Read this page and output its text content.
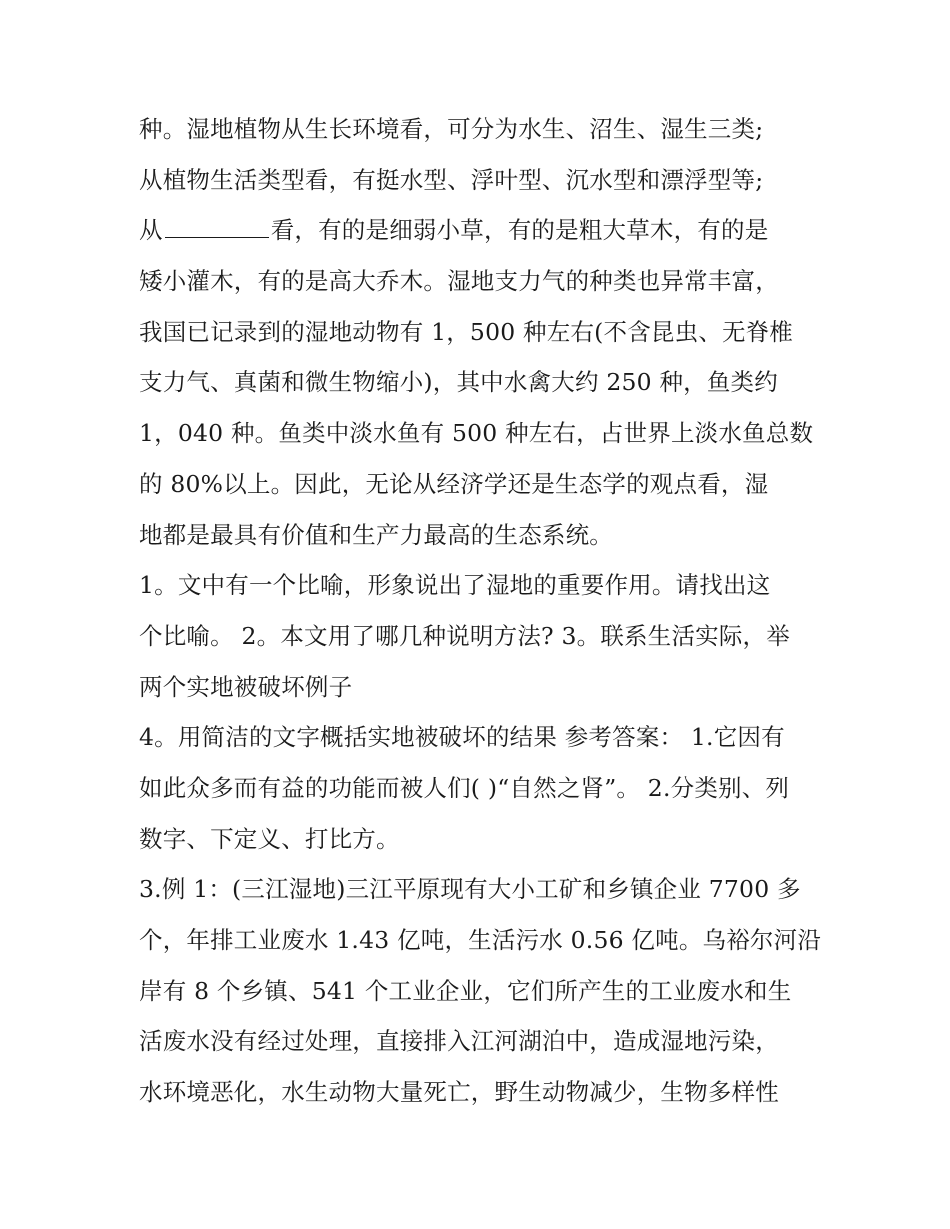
种。湿地植物从生长环境看，可分为水生、沼生、湿生三类;
从植物生活类型看，有挺水型、浮叶型、沉水型和漂浮型等;
从	看，有的是细弱小草，有的是粗大草木，有的是
矮小灌木，有的是高大乔木。湿地支力气的种类也异常丰富，
我国已记录到的湿地动物有 1，500 种左右(不含昆虫、无脊椎
支力气、真菌和微生物缩小)，其中水禽大约 250 种，鱼类约
1，040 种。鱼类中淡水鱼有 500 种左右，占世界上淡水鱼总数
的 80%以上。因此，无论从经济学还是生态学的观点看，湿
地都是最具有价值和生产力最高的生态系统。
1。文中有一个比喻，形象说出了湿地的重要作用。请找出这
个比喻。 2。本文用了哪几种说明方法? 3。联系生活实际，举
两个实地被破坏例子
4。用简洁的文字概括实地被破坏的结果 参考答案： 1.它因有
如此众多而有益的功能而被人们( )“自然之肾”。 2.分类别、列
数字、下定义、打比方。
3.例 1：(三江湿地)三江平原现有大小工矿和乡镇企业 7700 多
个，年排工业废水 1.43 亿吨，生活污水 0.56 亿吨。乌裕尔河沿
岸有 8 个乡镇、541 个工业企业，它们所产生的工业废水和生
活废水没有经过处理，直接排入江河湖泊中，造成湿地污染，
水环境恶化，水生动物大量死亡，野生动物减少，生物多样性
